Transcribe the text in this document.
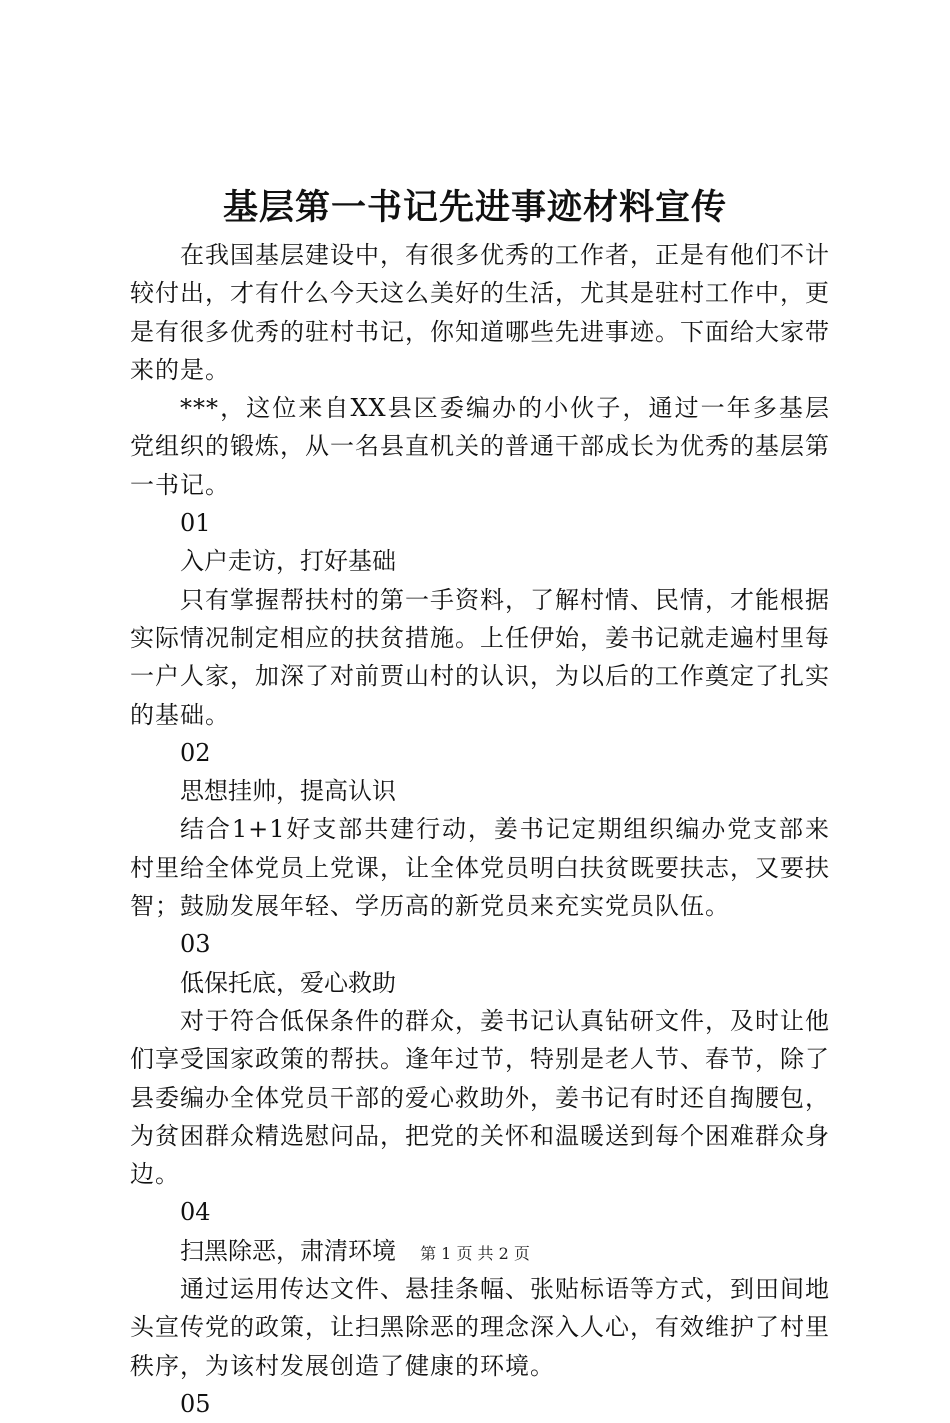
基层第一书记先进事迹材料宣传

在我国基层建设中，有很多优秀的工作者，正是有他们不计较付出，才有什么今天这么美好的生活，尤其是驻村工作中，更是有很多优秀的驻村书记，你知道哪些先进事迹。下面给大家带来的是。

***，这位来自XX县区委编办的小伙子，通过一年多基层党组织的锻炼，从一名县直机关的普通干部成长为优秀的基层第一书记。

01

入户走访，打好基础

只有掌握帮扶村的第一手资料，了解村情、民情，才能根据实际情况制定相应的扶贫措施。上任伊始，姜书记就走遍村里每一户人家，加深了对前贾山村的认识，为以后的工作奠定了扎实的基础。

02

思想挂帅，提高认识

结合1+1好支部共建行动，姜书记定期组织编办党支部来村里给全体党员上党课，让全体党员明白扶贫既要扶志，又要扶智；鼓励发展年轻、学历高的新党员来充实党员队伍。

03

低保托底，爱心救助

对于符合低保条件的群众，姜书记认真钻研文件，及时让他们享受国家政策的帮扶。逢年过节，特别是老人节、春节，除了县委编办全体党员干部的爱心救助外，姜书记有时还自掏腰包，为贫困群众精选慰问品，把党的关怀和温暖送到每个困难群众身边。

04

扫黑除恶，肃清环境

通过运用传达文件、悬挂条幅、张贴标语等方式，到田间地头宣传党的政策，让扫黑除恶的理念深入人心，有效维护了村里秩序，为该村发展创造了健康的环境。

05

第 1 页 共 2 页
